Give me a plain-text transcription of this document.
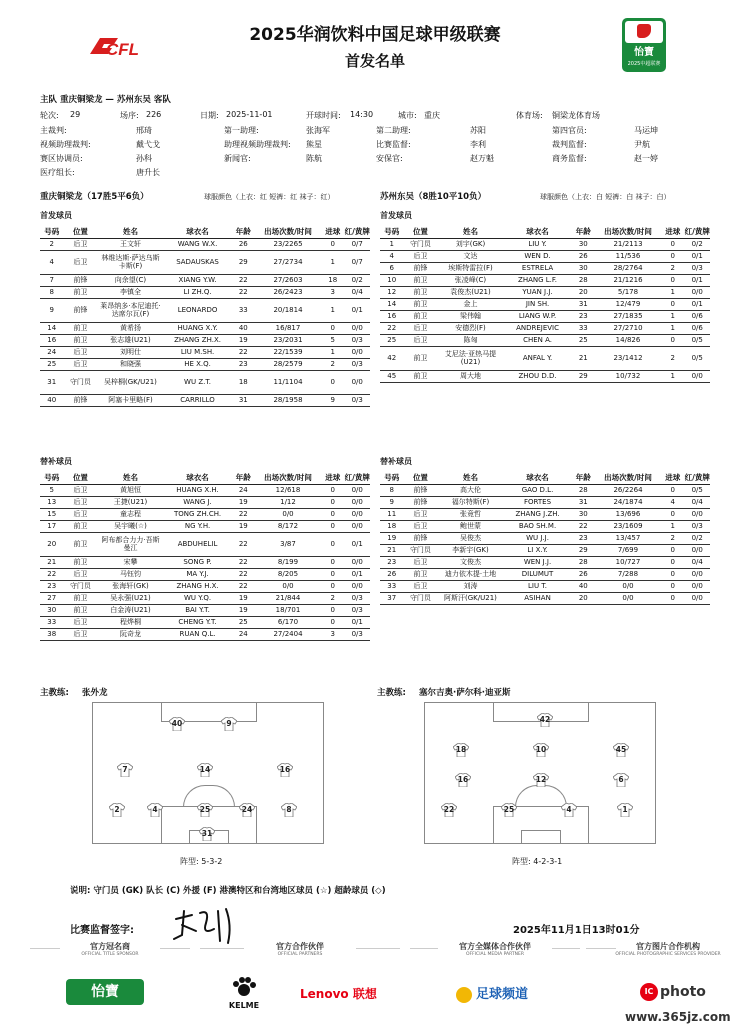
CFL
2025华润饮料中国足球甲级联赛
首发名单	怡寶
2025中超联赛
主队 重庆铜梁龙 — 苏州东吴 客队
轮次: 29	场序: 226	日期: 2025-11-01	开球时间: 14:30	城市: 重庆	体育场: 铜梁龙体育场
主裁判:	邢琦	第一助理:	张海军	第二助理:	苏阳	第四官员:	马运坤
视频助理裁判:	戴弋戈	助理视频助理裁判: 熊星	比赛监督:	李利	裁判监督:	尹航
赛区协调员:	孙科	新闻官:	陈航	安保官:	赵万魁	商务监督:	赵一婷
医疗组长:	唐升长
重庆铜梁龙（17胜5平6负）	球服颜色（上衣：红 短裤：红 袜子：红）	苏州东吴（8胜10平10负）	球服颜色（上衣：白 短裤：白 袜子：白）
首发球员	首发球员
号码	位置	姓名	球衣名	年龄	出场次数/时间	进球	红/黄牌
2	后卫	王文轩	WANG W.X.	26	23/2265	0	0/7
4	后卫	林维达斯·萨达乌斯卡斯(F)	SADAUSKAS	29	27/2734	1	0/7
7	前锋	向余望(C)	XIANG Y.W.	22	27/2603	18	0/2
8	前卫	李镇全	LI ZH.Q.	22	26/2423	3	0/4
9	前锋	莱昂纳多·本尼迪托·达席尔瓦(F)	LEONARDO	33	20/1814	1	0/1
14	前卫	黄希扬	HUANG X.Y.	40	16/817	0	0/0
16	前卫	张志雄(U21)	ZHANG ZH.X.	19	23/2031	5	0/3
24	后卫	刘明仕	LIU M.SH.	22	22/1539	1	0/0
25	后卫	和晓强	HE X.Q.	23	28/2579	2	0/3
31	守门员	吴梓桐(GK/U21)	WU Z.T.	18	11/1104	0	0/0
40	前锋	阿塞卡里略(F)	CARRILLO	31	28/1958	9	0/3
号码	位置	姓名	球衣名	年龄	出场次数/时间	进球	红/黄牌
1	守门员	刘宇(GK)	LIU Y.	30	21/2113	0	0/2
4	后卫	文达	WEN D.	26	11/536	0	0/1
6	前锋	埃斯特雷拉(F)	ESTRELA	30	28/2764	2	0/3
10	前卫	张凌峰(C)	ZHANG L.F.	28	21/1216	0	0/1
12	前卫	袁俊杰(U21)	YUAN J.J.	20	5/178	1	0/0
14	前卫	金上	JIN SH.	31	12/479	0	0/1
16	前卫	梁伟翰	LIANG W.P.	23	27/1835	1	0/6
22	后卫	安德烈(F)	ANDREJEVIC	33	27/2710	1	0/6
25	后卫	陈匈	CHEN A.	25	14/826	0	0/5
42	前卫	艾尼法·亚热马提(U21)	ANFAL Y.	21	23/1412	2	0/5
45	前卫	周大地	ZHOU D.D.	29	10/732	1	0/0
替补球员	替补球员
号码	位置	姓名	球衣名	年龄	出场次数/时间	进球	红/黄牌
5	后卫	黄旭恒	HUANG X.H.	24	12/618	0	0/0
13	后卫	王捷(U21)	WANG J.	19	1/12	0	0/0
15	后卫	童志程	TONG ZH.CH.	22	0/0	0	0/0
17	前卫	吴宇曦(☆)	NG Y.H.	19	8/172	0	0/0
20	前卫	阿布都合力力·吾斯曼江	ABDUHELIL	22	3/87	0	0/1
21	前卫	宋攀	SONG P.	22	8/199	0	0/0
22	后卫	马钰钧	MA Y.J.	22	8/205	0	0/1
23	守门员	张海轩(GK)	ZHANG H.X.	22	0/0	0	0/0
27	前卫	吴永强(U21)	WU Y.Q.	19	21/844	2	0/3
30	前卫	白金涛(U21)	BAI Y.T.	19	18/701	0	0/3
33	后卫	程烨桐	CHENG Y.T.	25	6/170	0	0/1
38	后卫	阮奇龙	RUAN Q.L.	24	27/2404	3	0/3
号码	位置	姓名	球衣名	年龄	出场次数/时间	进球	红/黄牌
8	前锋	高大伦	GAO D.L.	28	26/2264	0	0/5
9	前锋	福尔特斯(F)	FORTES	31	24/1874	4	0/4
11	后卫	张竟哲	ZHANG J.ZH.	30	13/696	0	0/0
18	后卫	鲍世蒙	BAO SH.M.	22	23/1609	1	0/3
19	前锋	吴俊杰	WU J.J.	23	13/457	2	0/2
21	守门员	李新宇(GK)	LI X.Y.	29	7/699	0	0/0
23	后卫	文俊杰	WEN J.J.	28	10/727	0	0/4
26	前卫	迪力依木提·土地	DILUMUT	26	7/288	0	0/0
33	后卫	刘涛	LIU T.	40	0/0	0	0/0
37	守门员	阿斯汗(GK/U21)	ASIHAN	20	0/0	0	0/0
主教练: 张外龙	主教练: 塞尔吉奥·萨尔科·迪亚斯
40	9
7	14	16
2	4	25	24	8
31
42
18	10	45
16	12	6
22	25	4	1
阵型: 5-3-2	阵型: 4-2-3-1
说明: 守门员 (GK) 队长 (C) 外援 (F) 港澳特区和台湾地区球员 (☆) 超龄球员 (◇)
比赛监督签字:	2025年11月1日13时01分
官方冠名商
OFFICIAL TITLE SPONSOR
官方合作伙伴
OFFICIAL PARTNERS
官方全媒体合作伙伴
OFFICIAL MEDIA PARTNER
官方图片合作机构
OFFICIAL PHOTOGRAPHIC SERVICES PROVIDER
怡寶
KELME
Lenovo 联想	足球频道	IC photo
www.365jz.com
